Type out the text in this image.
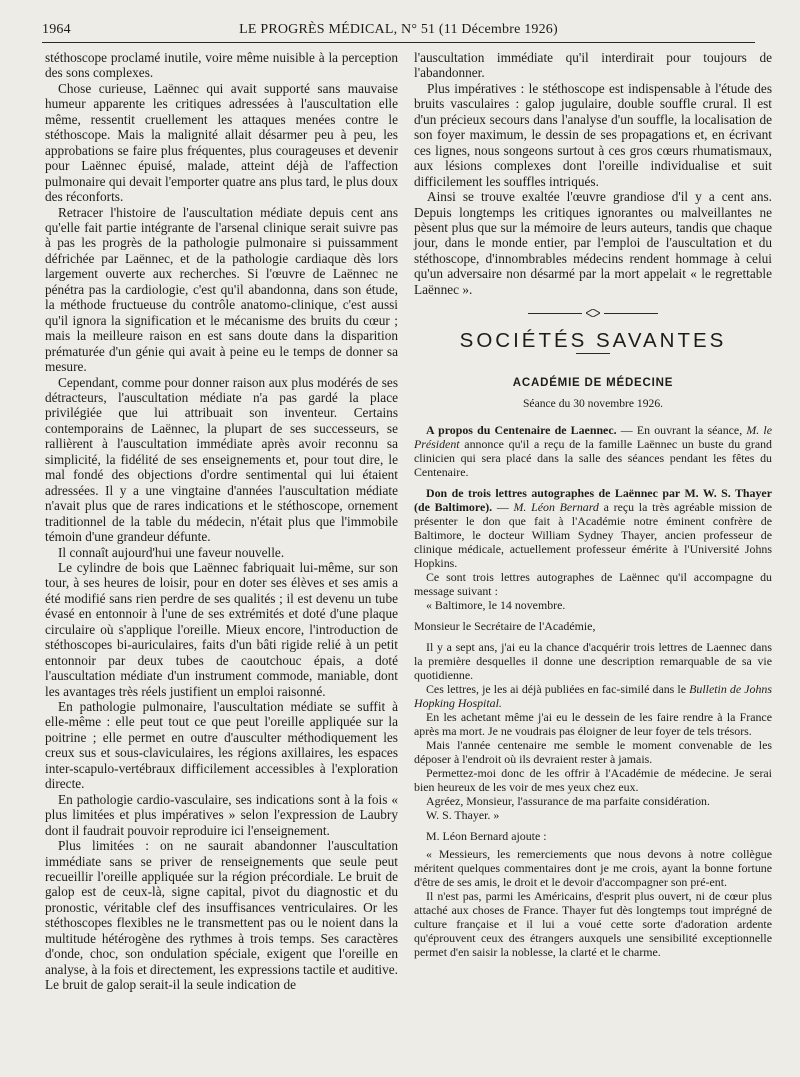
1964	LE PROGRÈS MÉDICAL, N° 51 (11 Décembre 1926)

stéthoscope proclamé inutile, voire même nuisible à la perception des sons complexes.

Chose curieuse, Laënnec qui avait supporté sans mauvaise humeur apparente les critiques adressées à l'auscultation elle même, ressentit cruellement les attaques menées contre le stéthoscope. Mais la malignité allait désarmer peu à peu, les approbations se faire plus fréquentes, plus courageuses et devenir pour Laënnec épuisé, malade, atteint déjà de l'affection pulmonaire qui devait l'emporter quatre ans plus tard, le plus doux des réconforts.

Retracer l'histoire de l'auscultation médiate depuis cent ans qu'elle fait partie intégrante de l'arsenal clinique serait suivre pas à pas les progrès de la pathologie pulmonaire si puissamment défrichée par Laënnec, et de la pathologie cardiaque dès lors largement ouverte aux recherches. Si l'œuvre de Laënnec ne pénétra pas la cardiologie, c'est qu'il abandonna, dans son étude, la méthode fructueuse du contrôle anatomo-clinique, c'est aussi qu'il ignora la signification et le mécanisme des bruits du cœur ; mais la meilleure raison en est sans doute dans la disparition prématurée d'un génie qui avait à peine eu le temps de donner sa mesure.

Cependant, comme pour donner raison aux plus modérés de ses détracteurs, l'auscultation médiate n'a pas gardé la place privilégiée que lui attribuait son inventeur. Certains contemporains de Laënnec, la plupart de ses successeurs, se rallièrent à l'auscultation immédiate après avoir reconnu sa simplicité, la fidélité de ses enseignements et, pour tout dire, le mal fondé des objections d'ordre sentimental qui lui étaient adressées. Il y a une vingtaine d'années l'auscultation médiate n'avait plus que de rares indications et le stéthoscope, ornement traditionnel de la table du médecin, n'était plus que l'immobile témoin d'une grandeur défunte.

Il connaît aujourd'hui une faveur nouvelle.

Le cylindre de bois que Laënnec fabriquait lui-même, sur son tour, à ses heures de loisir, pour en doter ses élèves et ses amis a été modifié sans rien perdre de ses qualités ; il est devenu un tube évasé en entonnoir à l'une de ses extrémités et doté d'une plaque circulaire où s'applique l'oreille. Mieux encore, l'introduction de stéthoscopes bi-auriculaires, faits d'un bâti rigide relié à un petit entonnoir par deux tubes de caoutchouc épais, a doté l'auscultation médiate d'un instrument commode, maniable, dont les avantages très réels justifient un emploi raisonné.

En pathologie pulmonaire, l'auscultation médiate se suffit à elle-même : elle peut tout ce que peut l'oreille appliquée sur la poitrine ; elle permet en outre d'ausculter méthodiquement les creux sus et sous-claviculaires, les régions axillaires, les espaces inter-scapulo-vertébraux difficilement accessibles à l'exploration directe.

En pathologie cardio-vasculaire, ses indications sont à la fois « plus limitées et plus impératives » selon l'expression de Laubry dont il faudrait pouvoir reproduire ici l'enseignement.

Plus limitées : on ne saurait abandonner l'auscultation immédiate sans se priver de renseignements que seule peut recueillir l'oreille appliquée sur la région précordiale. Le bruit de galop est de ceux-là, signe capital, pivot du diagnostic et du pronostic, véritable clef des insuffisances ventriculaires. Or les stéthoscopes flexibles ne le transmettent pas ou le noient dans la multitude hétérogène des rythmes à trois temps. Ses caractères d'onde, choc, son ondulation spéciale, exigent que l'oreille en analyse, à la fois et directement, les expressions tactile et auditive. Le bruit de galop serait-il la seule indication de

l'auscultation immédiate qu'il interdirait pour toujours de l'abandonner.

Plus impératives : le stéthoscope est indispensable à l'étude des bruits vasculaires : galop jugulaire, double souffle crural. Il est d'un précieux secours dans l'analyse d'un souffle, la localisation de son foyer maximum, le dessin de ses propagations et, en écrivant ces lignes, nous songeons surtout à ces gros cœurs rhumatismaux, aux lésions complexes dont l'oreille individualise et suit difficilement les souffles intriqués.

Ainsi se trouve exaltée l'œuvre grandiose d'il y a cent ans. Depuis longtemps les critiques ignorantes ou malveillantes ne pèsent plus que sur la mémoire de leurs auteurs, tandis que chaque jour, dans le monde entier, par l'emploi de l'auscultation et du stéthoscope, d'innombrables médecins rendent hommage à celui qu'un adversaire non désarmé par la mort appelait « le regrettable Laënnec ».

SOCIÉTÉS SAVANTES
ACADÉMIE DE MÉDECINE
Séance du 30 novembre 1926.

A propos du Centenaire de Laennec. — En ouvrant la séance, M. le Président annonce qu'il a reçu de la famille Laënnec un buste du grand clinicien qui sera placé dans la salle des séances pendant les fêtes du Centenaire.

Don de trois lettres autographes de Laënnec par M. W. S. Thayer (de Baltimore). — M. Léon Bernard a reçu la très agréable mission de présenter le don que fait à l'Académie notre éminent confrère de Baltimore, le docteur William Sydney Thayer, ancien professeur de clinique médicale, actuellement professeur émérite à l'Université Johns Hopkins.

Ce sont trois lettres autographes de Laënnec qu'il accompagne du message suivant :

« Baltimore, le 14 novembre.

Monsieur le Secrétaire de l'Académie,

Il y a sept ans, j'ai eu la chance d'acquérir trois lettres de Laennec dans la première desquelles il donne une description remarquable de sa vie quotidienne.

Ces lettres, je les ai déjà publiées en fac-similé dans le Bulletin de Johns Hopking Hospital.

En les achetant même j'ai eu le dessein de les faire rendre à la France après ma mort. Je ne voudrais pas éloigner de leur foyer de tels trésors.

Mais l'année centenaire me semble le moment convenable de les déposer à l'endroit où ils devraient rester à jamais.

Permettez-moi donc de les offrir à l'Académie de médecine. Je serai bien heureux de les voir de mes yeux chez eux.

Agréez, Monsieur, l'assurance de ma parfaite considération.

W. S. Thayer. »

M. Léon Bernard ajoute :

« Messieurs, les remerciements que nous devons à notre collègue méritent quelques commentaires dont je me crois, ayant la bonne fortune d'être de ses amis, le droit et le devoir d'accompagner son pré-ent.

Il n'est pas, parmi les Américains, d'esprit plus ouvert, ni de cœur plus attaché aux choses de France. Thayer fut dès longtemps tout imprégné de culture française et il lui a voué cette sorte d'adoration ardente qu'éprouvent ceux des étrangers auxquels une sensibilité exceptionnelle permet d'en saisir la noblesse, la clarté et le charme.
